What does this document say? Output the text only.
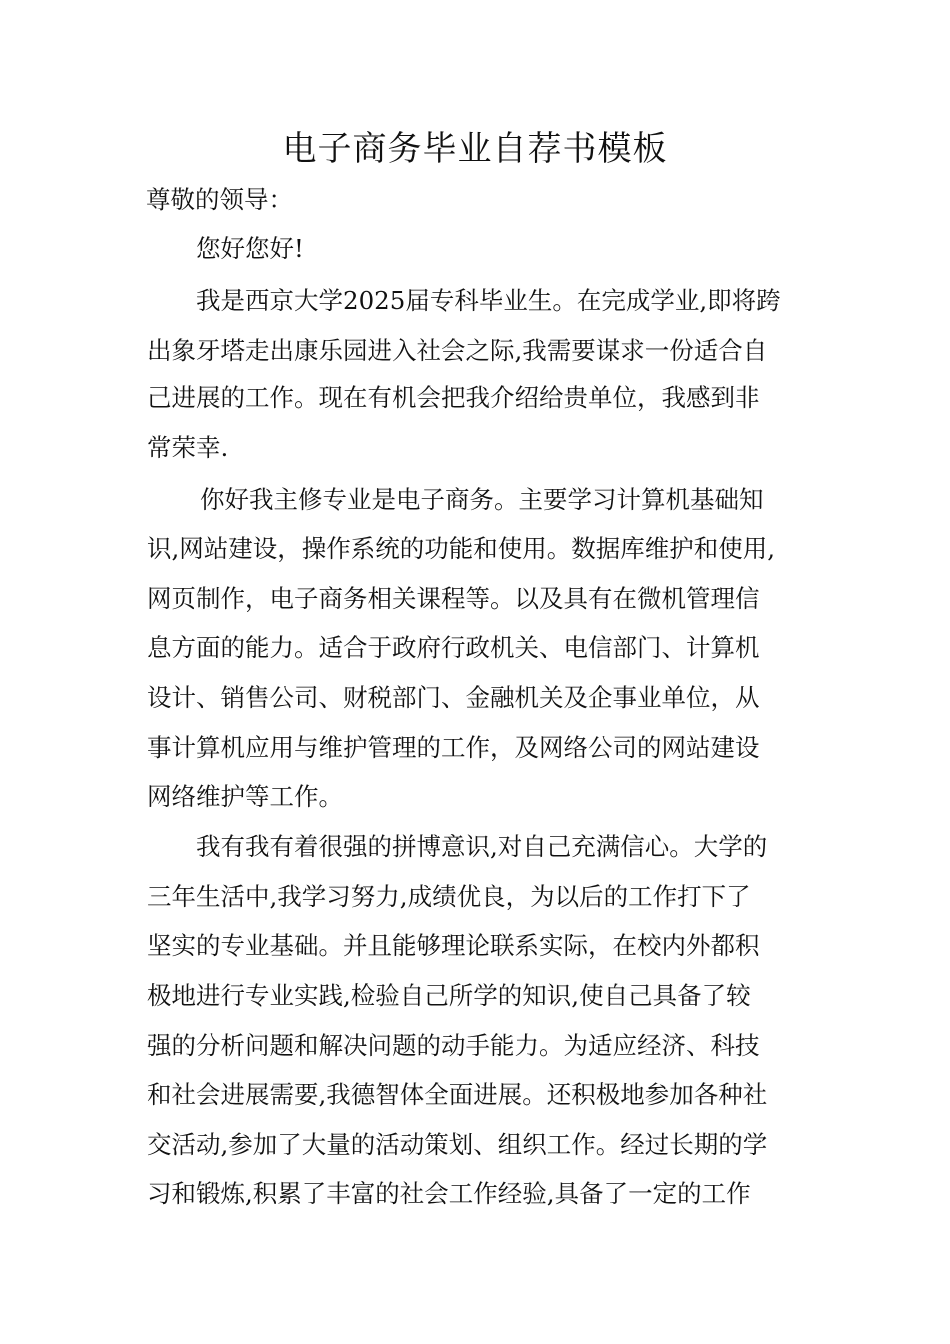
电子商务毕业自荐书模板
尊敬的领导：
您好您好!
我是西京大学2025届专科毕业生。在完成学业,即将跨
出象牙塔走出康乐园进入社会之际,我需要谋求一份适合自
己进展的工作。现在有机会把我介绍给贵单位，我感到非
常荣幸.
你好我主修专业是电子商务。主要学习计算机基础知
识,网站建设，操作系统的功能和使用。数据库维护和使用,
网页制作，电子商务相关课程等。以及具有在微机管理信
息方面的能力。适合于政府行政机关、电信部门、计算机
设计、销售公司、财税部门、金融机关及企事业单位，从
事计算机应用与维护管理的工作，及网络公司的网站建设
网络维护等工作。
我有我有着很强的拼博意识,对自己充满信心。大学的
三年生活中,我学习努力,成绩优良，为以后的工作打下了
坚实的专业基础。并且能够理论联系实际，在校内外都积
极地进行专业实践,检验自己所学的知识,使自己具备了较
强的分析问题和解决问题的动手能力。为适应经济、科技
和社会进展需要,我德智体全面进展。还积极地参加各种社
交活动,参加了大量的活动策划、组织工作。经过长期的学
习和锻炼,积累了丰富的社会工作经验,具备了一定的工作
